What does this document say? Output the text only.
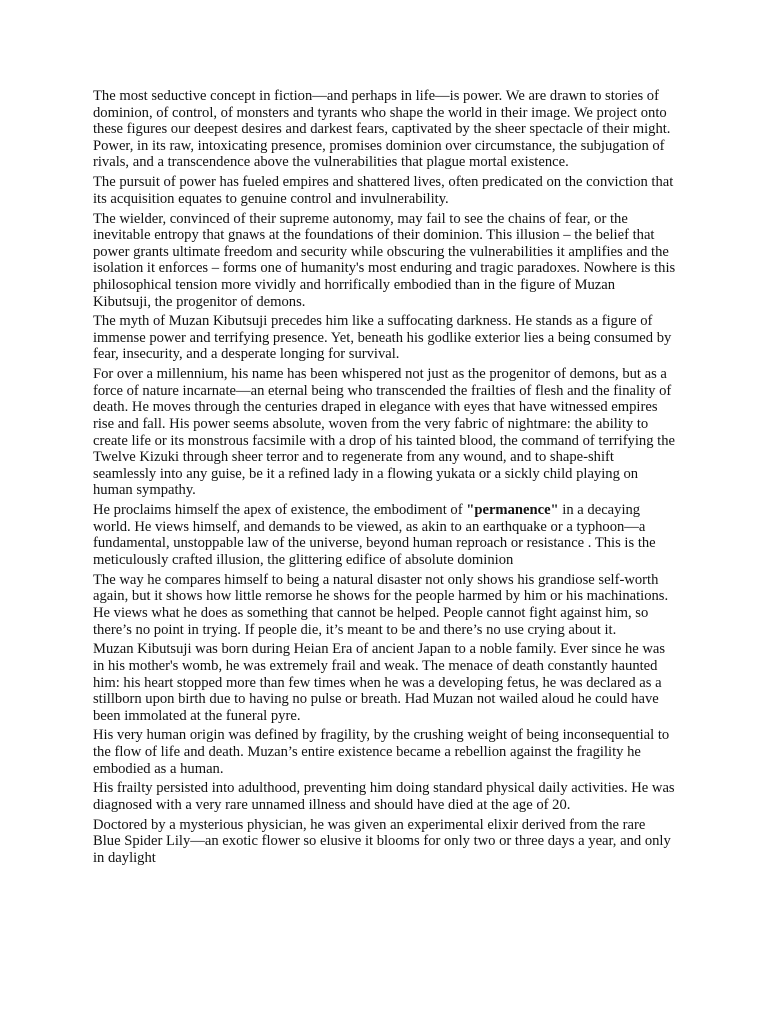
The most seductive concept in fiction—and perhaps in life—is power. We are drawn to stories of dominion, of control, of monsters and tyrants who shape the world in their image. We project onto these figures our deepest desires and darkest fears, captivated by the sheer spectacle of their might. Power, in its raw, intoxicating presence, promises dominion over circumstance, the subjugation of rivals, and a transcendence above the vulnerabilities that plague mortal existence.

The pursuit of power has fueled empires and shattered lives, often predicated on the conviction that its acquisition equates to genuine control and invulnerability.

The wielder, convinced of their supreme autonomy, may fail to see the chains of fear, or the inevitable entropy that gnaws at the foundations of their dominion. This illusion – the belief that power grants ultimate freedom and security while obscuring the vulnerabilities it amplifies and the isolation it enforces – forms one of humanity's most enduring and tragic paradoxes. Nowhere is this philosophical tension more vividly and horrifically embodied than in the figure of Muzan Kibutsuji, the progenitor of demons.

The myth of Muzan Kibutsuji precedes him like a suffocating darkness. He stands as a figure of immense power and terrifying presence. Yet, beneath his godlike exterior lies a being consumed by fear, insecurity, and a desperate longing for survival.

For over a millennium, his name has been whispered not just as the progenitor of demons, but as a force of nature incarnate—an eternal being who transcended the frailties of flesh and the finality of death. He moves through the centuries draped in elegance with eyes that have witnessed empires rise and fall. His power seems absolute, woven from the very fabric of nightmare: the ability to create life or its monstrous facsimile with a drop of his tainted blood, the command of terrifying the Twelve Kizuki through sheer terror and to regenerate from any wound, and to shape-shift seamlessly into any guise, be it a refined lady in a flowing yukata or a sickly child playing on human sympathy.

He proclaims himself the apex of existence, the embodiment of "permanence" in a decaying world. He views himself, and demands to be viewed, as akin to an earthquake or a typhoon—a fundamental, unstoppable law of the universe, beyond human reproach or resistance . This is the meticulously crafted illusion, the glittering edifice of absolute dominion

The way he compares himself to being a natural disaster not only shows his grandiose self-worth again, but it shows how little remorse he shows for the people harmed by him or his machinations. He views what he does as something that cannot be helped. People cannot fight against him, so there’s no point in trying. If people die, it’s meant to be and there’s no use crying about it.

Muzan Kibutsuji was born during Heian Era of ancient Japan to a noble family. Ever since he was in his mother's womb, he was extremely frail and weak. The menace of death constantly haunted him: his heart stopped more than few times when he was a developing fetus, he was declared as a stillborn upon birth due to having no pulse or breath. Had Muzan not wailed aloud he could have been immolated at the funeral pyre.

His very human origin was defined by fragility, by the crushing weight of being inconsequential to the flow of life and death. Muzan’s entire existence became a rebellion against the fragility he embodied as a human.

His frailty persisted into adulthood, preventing him doing standard physical daily activities. He was diagnosed with a very rare unnamed illness and should have died at the age of 20.

Doctored by a mysterious physician, he was given an experimental elixir derived from the rare Blue Spider Lily—an exotic flower so elusive it blooms for only two or three days a year, and only in daylight
